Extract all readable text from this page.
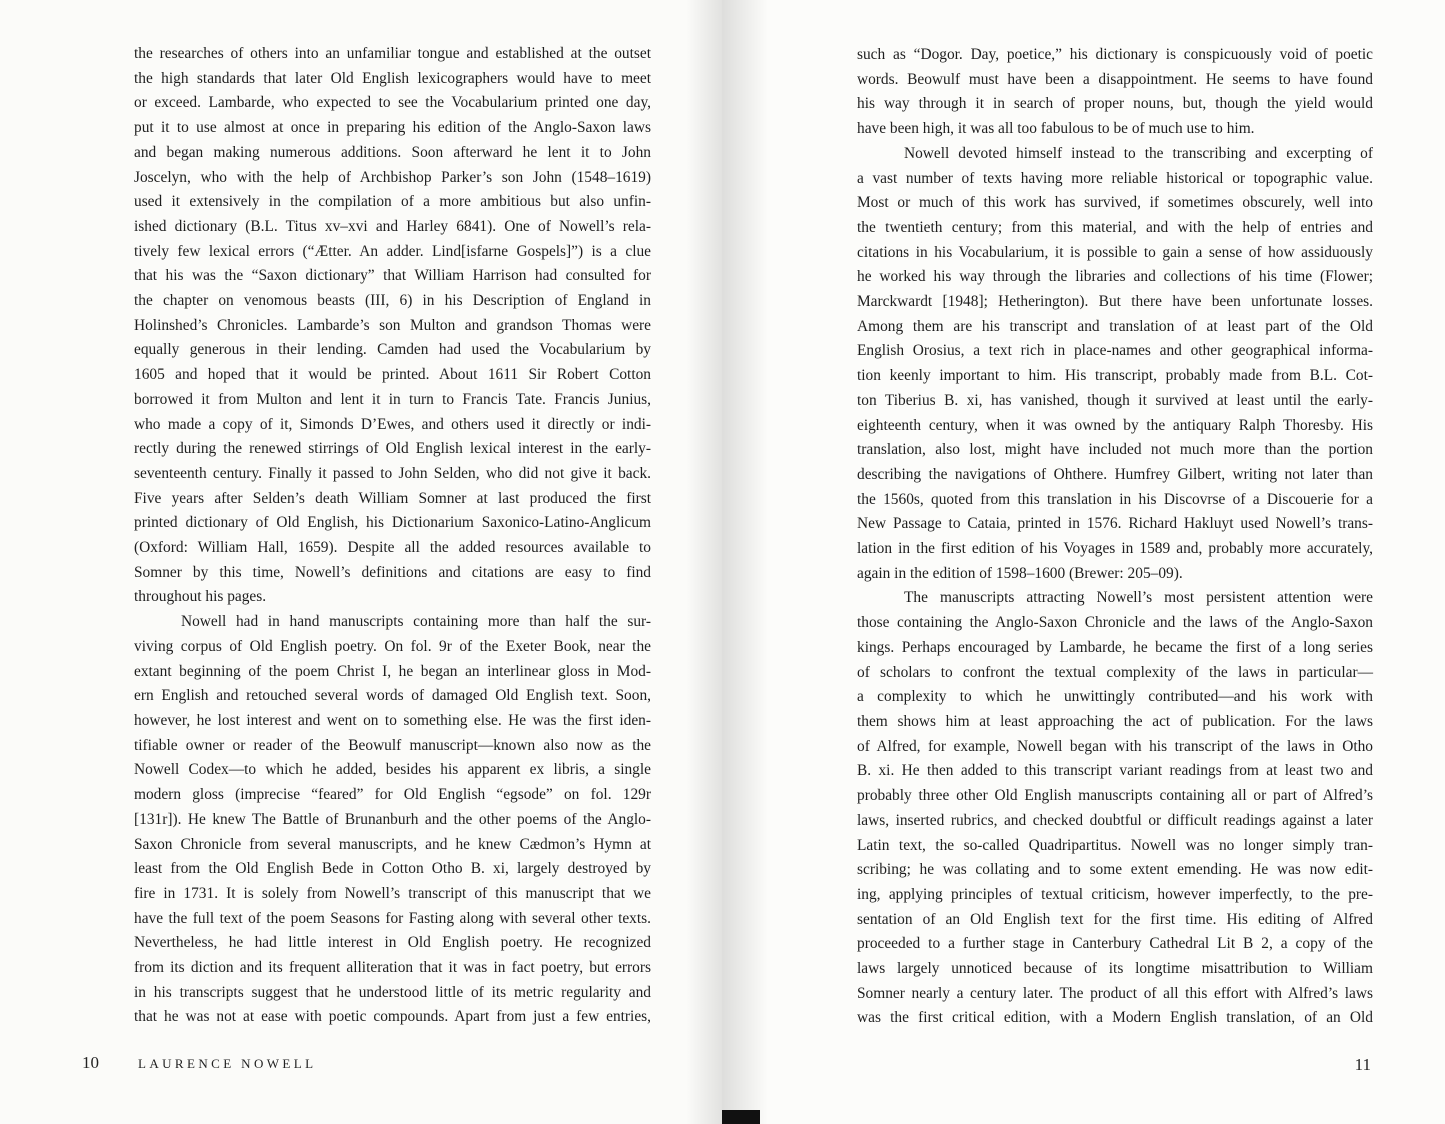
the researches of others into an unfamiliar tongue and established at the outset
the high standards that later Old English lexicographers would have to meet
or exceed. Lambarde, who expected to see the Vocabularium printed one day,
put it to use almost at once in preparing his edition of the Anglo-Saxon laws
and began making numerous additions. Soon afterward he lent it to John
Joscelyn, who with the help of Archbishop Parker’s son John (1548–1619)
used it extensively in the compilation of a more ambitious but also unfin-
ished dictionary (B.L. Titus xv–xvi and Harley 6841). One of Nowell’s rela-
tively few lexical errors (“Ætter. An adder. Lind[isfarne Gospels]”) is a clue
that his was the “Saxon dictionary” that William Harrison had consulted for
the chapter on venomous beasts (III, 6) in his Description of England in
Holinshed’s Chronicles. Lambarde’s son Multon and grandson Thomas were
equally generous in their lending. Camden had used the Vocabularium by
1605 and hoped that it would be printed. About 1611 Sir Robert Cotton
borrowed it from Multon and lent it in turn to Francis Tate. Francis Junius,
who made a copy of it, Simonds D’Ewes, and others used it directly or indi-
rectly during the renewed stirrings of Old English lexical interest in the early-
seventeenth century. Finally it passed to John Selden, who did not give it back.
Five years after Selden’s death William Somner at last produced the first
printed dictionary of Old English, his Dictionarium Saxonico-Latino-Anglicum
(Oxford: William Hall, 1659). Despite all the added resources available to
Somner by this time, Nowell’s definitions and citations are easy to find
throughout his pages.
Nowell had in hand manuscripts containing more than half the sur-
viving corpus of Old English poetry. On fol. 9r of the Exeter Book, near the
extant beginning of the poem Christ I, he began an interlinear gloss in Mod-
ern English and retouched several words of damaged Old English text. Soon,
however, he lost interest and went on to something else. He was the first iden-
tifiable owner or reader of the Beowulf manuscript—known also now as the
Nowell Codex—to which he added, besides his apparent ex libris, a single
modern gloss (imprecise “feared” for Old English “egsode” on fol. 129r
[131r]). He knew The Battle of Brunanburh and the other poems of the Anglo-
Saxon Chronicle from several manuscripts, and he knew Cædmon’s Hymn at
least from the Old English Bede in Cotton Otho B. xi, largely destroyed by
fire in 1731. It is solely from Nowell’s transcript of this manuscript that we
have the full text of the poem Seasons for Fasting along with several other texts.
Nevertheless, he had little interest in Old English poetry. He recognized
from its diction and its frequent alliteration that it was in fact poetry, but errors
in his transcripts suggest that he understood little of its metric regularity and
that he was not at ease with poetic compounds. Apart from just a few entries,
such as “Dogor. Day, poetice,” his dictionary is conspicuously void of poetic
words. Beowulf must have been a disappointment. He seems to have found
his way through it in search of proper nouns, but, though the yield would
have been high, it was all too fabulous to be of much use to him.
Nowell devoted himself instead to the transcribing and excerpting of
a vast number of texts having more reliable historical or topographic value.
Most or much of this work has survived, if sometimes obscurely, well into
the twentieth century; from this material, and with the help of entries and
citations in his Vocabularium, it is possible to gain a sense of how assiduously
he worked his way through the libraries and collections of his time (Flower;
Marckwardt [1948]; Hetherington). But there have been unfortunate losses.
Among them are his transcript and translation of at least part of the Old
English Orosius, a text rich in place-names and other geographical informa-
tion keenly important to him. His transcript, probably made from B.L. Cot-
ton Tiberius B. xi, has vanished, though it survived at least until the early-
eighteenth century, when it was owned by the antiquary Ralph Thoresby. His
translation, also lost, might have included not much more than the portion
describing the navigations of Ohthere. Humfrey Gilbert, writing not later than
the 1560s, quoted from this translation in his Discovrse of a Discouerie for a
New Passage to Cataia, printed in 1576. Richard Hakluyt used Nowell’s trans-
lation in the first edition of his Voyages in 1589 and, probably more accurately,
again in the edition of 1598–1600 (Brewer: 205–09).
The manuscripts attracting Nowell’s most persistent attention were
those containing the Anglo-Saxon Chronicle and the laws of the Anglo-Saxon
kings. Perhaps encouraged by Lambarde, he became the first of a long series
of scholars to confront the textual complexity of the laws in particular—
a complexity to which he unwittingly contributed—and his work with
them shows him at least approaching the act of publication. For the laws
of Alfred, for example, Nowell began with his transcript of the laws in Otho
B. xi. He then added to this transcript variant readings from at least two and
probably three other Old English manuscripts containing all or part of Alfred’s
laws, inserted rubrics, and checked doubtful or difficult readings against a later
Latin text, the so-called Quadripartitus. Nowell was no longer simply tran-
scribing; he was collating and to some extent emending. He was now edit-
ing, applying principles of textual criticism, however imperfectly, to the pre-
sentation of an Old English text for the first time. His editing of Alfred
proceeded to a further stage in Canterbury Cathedral Lit B 2, a copy of the
laws largely unnoticed because of its longtime misattribution to William
Somner nearly a century later. The product of all this effort with Alfred’s laws
was the first critical edition, with a Modern English translation, of an Old
10	LAURENCE NOWELL	11
